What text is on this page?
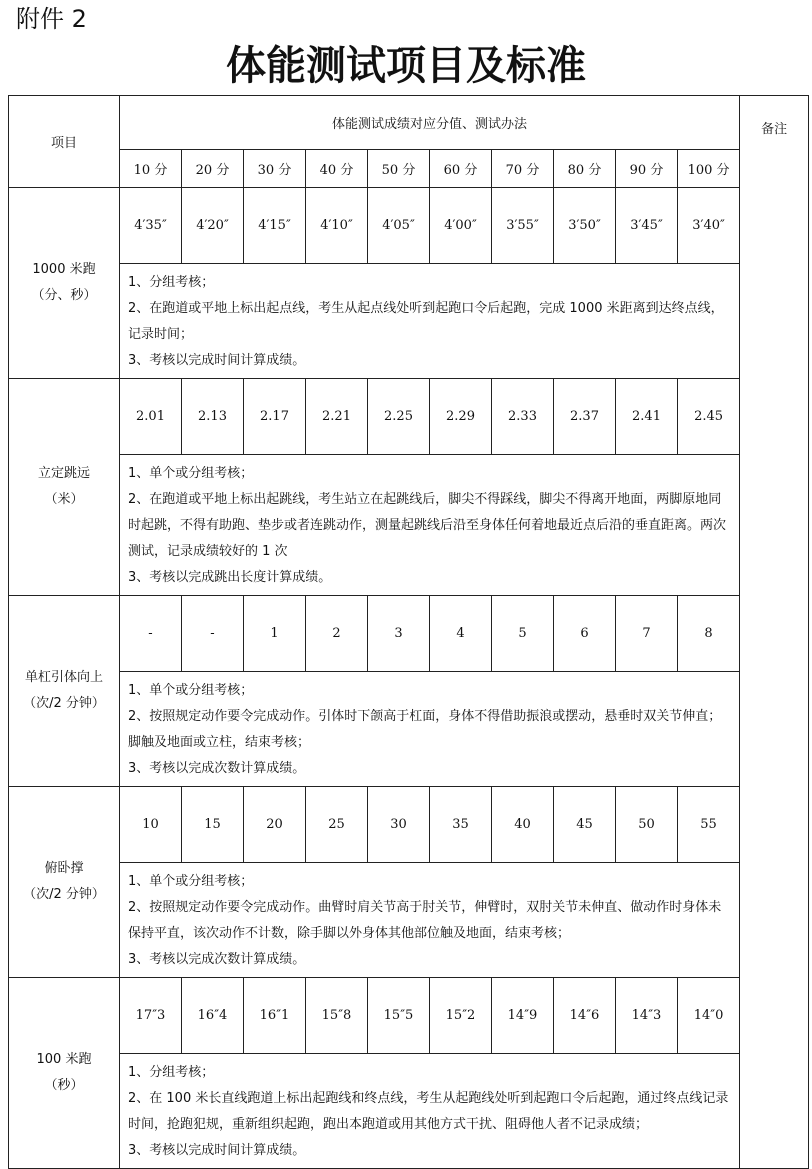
附件 2
体能测试项目及标准
项目	体能测试成绩对应分值、测试办法										备注
	10 分	20 分	30 分	40 分	50 分	60 分	70 分	80 分	90 分	100 分	

1000 米跑
（分、秒）	4′35″	4′20″	4′15″	4′10″	4′05″	4′00″	3′55″	3′50″	3′45″	3′40″	

	1、分组考核；
2、在跑道或平地上标出起点线，考生从起点线处听到起跑口令后起跑，完成 1000 米距离到达终点线，记录时间；
3、考核以完成时间计算成绩。										

立定跳远
（米）	2.01	2.13	2.17	2.21	2.25	2.29	2.33	2.37	2.41	2.45	

	1、单个或分组考核；
2、在跑道或平地上标出起跳线，考生站立在起跳线后，脚尖不得踩线，脚尖不得离开地面，两脚原地同时起跳，不得有助跑、垫步或者连跳动作，测量起跳线后沿至身体任何着地最近点后沿的垂直距离。两次测试，记录成绩较好的 1 次
3、考核以完成跳出长度计算成绩。										

单杠引体向上
（次/2 分钟）	-	-	1	2	3	4	5	6	7	8	

	1、单个或分组考核；
2、按照规定动作要令完成动作。引体时下颌高于杠面，身体不得借助振浪或摆动，悬垂时双关节伸直；脚触及地面或立柱，结束考核；
3、考核以完成次数计算成绩。										

俯卧撑
（次/2 分钟）	10	15	20	25	30	35	40	45	50	55	

	1、单个或分组考核；
2、按照规定动作要令完成动作。曲臂时肩关节高于肘关节，伸臂时，双肘关节未伸直、做动作时身体未保持平直，该次动作不计数，除手脚以外身体其他部位触及地面，结束考核；
3、考核以完成次数计算成绩。										

100 米跑
（秒）	17″3	16″4	16″1	15″8	15″5	15″2	14″9	14″6	14″3	14″0	

	1、分组考核；
2、在 100 米长直线跑道上标出起跑线和终点线，考生从起跑线处听到起跑口令后起跑，通过终点线记录时间，抢跑犯规，重新组织起跑，跑出本跑道或用其他方式干扰、阻碍他人者不记录成绩；
3、考核以完成时间计算成绩。										
